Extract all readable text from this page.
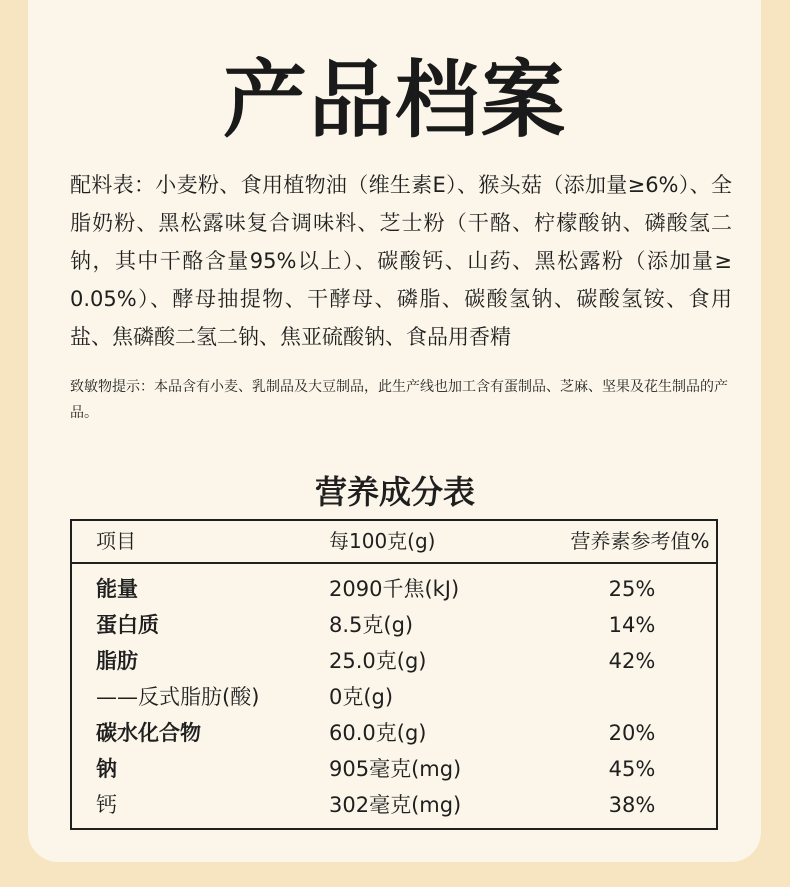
产品档案

配料表：小麦粉、食用植物油（维生素E）、猴头菇（添加量≥6%）、全脂奶粉、黑松露味复合调味料、芝士粉（干酪、柠檬酸钠、磷酸氢二钠，其中干酪含量95%以上）、碳酸钙、山药、黑松露粉（添加量≥ 0.05%）、酵母抽提物、干酵母、磷脂、碳酸氢钠、碳酸氢铵、食用盐、焦磷酸二氢二钠、焦亚硫酸钠、食品用香精

致敏物提示：本品含有小麦、乳制品及大豆制品，此生产线也加工含有蛋制品、芝麻、坚果及花生制品的产品。

营养成分表
项目	每100克(g)	营养素参考值%
能量	2090千焦(kJ)	25%
蛋白质	8.5克(g)	14%
脂肪	25.0克(g)	42%
——反式脂肪(酸)	0克(g)
碳水化合物	60.0克(g)	20%
钠	905毫克(mg)	45%
钙	302毫克(mg)	38%
